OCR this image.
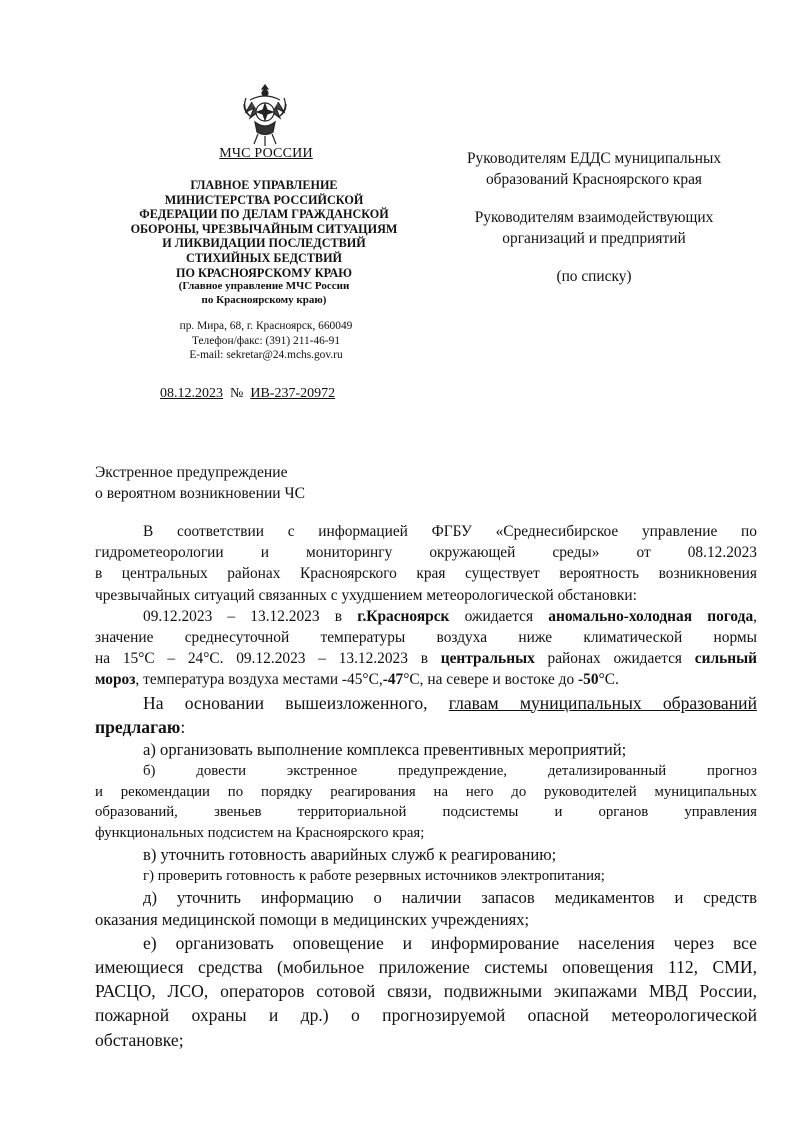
МЧС РОССИИ
ГЛАВНОЕ УПРАВЛЕНИЕ
МИНИСТЕРСТВА РОССИЙСКОЙ
ФЕДЕРАЦИИ ПО ДЕЛАМ ГРАЖДАНСКОЙ
ОБОРОНЫ, ЧРЕЗВЫЧАЙНЫМ СИТУАЦИЯМ
И ЛИКВИДАЦИИ ПОСЛЕДСТВИЙ
СТИХИЙНЫХ БЕДСТВИЙ
ПО КРАСНОЯРСКОМУ КРАЮ
(Главное управление МЧС России
по Красноярскому краю)
пр. Мира, 68, г. Красноярск, 660049
Телефон/факс: (391) 211-46-91
E-mail: sekretar@24.mchs.gov.ru
08.12.2023 № ИВ-237-20972

Руководителям ЕДДС муниципальных

образований Красноярского края

Руководителям взаимодействующих

организаций и предприятий

(по списку)

Экстренное предупреждение
о вероятном возникновении ЧС
В соответствии с информацией ФГБУ «Среднесибирское управление по
гидрометеорологии и мониторингу окружающей среды» от 08.12.2023
в центральных районах Красноярского края существует вероятность возникновения
чрезвычайных ситуаций связанных с ухудшением метеорологической обстановки:
09.12.2023 – 13.12.2023 в г.Красноярск ожидается аномально-холодная погода,
значение среднесуточной температуры воздуха ниже климатической нормы
на 15°С – 24°С. 09.12.2023 – 13.12.2023 в центральных районах ожидается сильный
мороз, температура воздуха местами -45°С,-47°С, на севере и востоке до -50°С.
На основании вышеизложенного, главам муниципальных образований
предлагаю:
а) организовать выполнение комплекса превентивных мероприятий;
б) довести экстренное предупреждение, детализированный прогноз
и рекомендации по порядку реагирования на него до руководителей муниципальных
образований, звеньев территориальной подсистемы и органов управления
функциональных подсистем на Красноярского края;
в) уточнить готовность аварийных служб к реагированию;
г) проверить готовность к работе резервных источников электропитания;
д) уточнить информацию о наличии запасов медикаментов и средств
оказания медицинской помощи в медицинских учреждениях;
е) организовать оповещение и информирование населения через все
имеющиеся средства (мобильное приложение системы оповещения 112, СМИ,
РАСЦО, ЛСО, операторов сотовой связи, подвижными экипажами МВД России,
пожарной охраны и др.) о прогнозируемой опасной метеорологической
обстановке;
